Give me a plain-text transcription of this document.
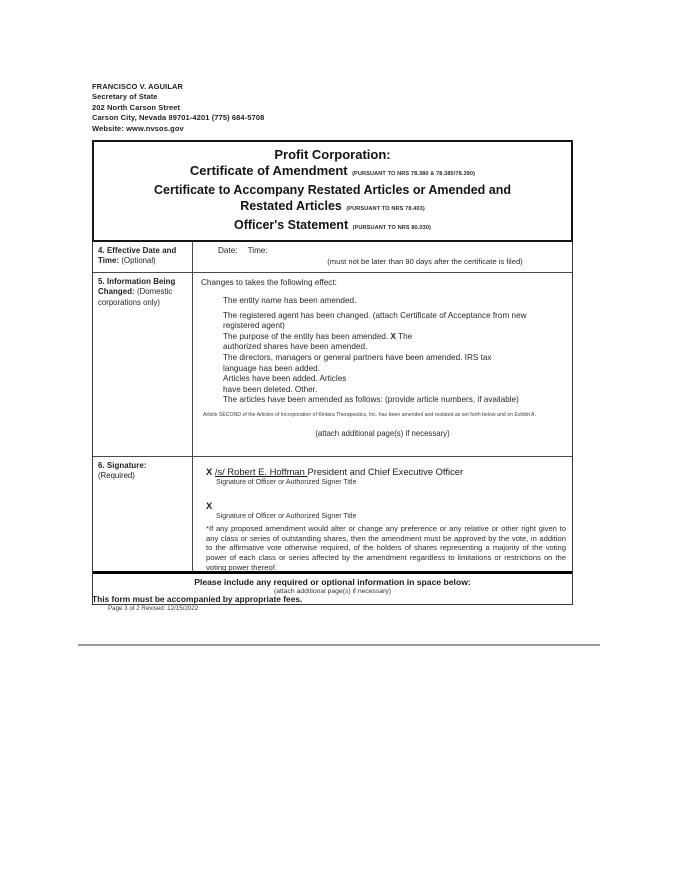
FRANCISCO V. AGUILAR
Secretary of State
202 North Carson Street
Carson City, Nevada 89701-4201 (775) 684-5708
Website: www.nvsos.gov
Profit Corporation:
Certificate of Amendment (PURSUANT TO NRS 78.380 & 78.385/78.390)
Certificate to Accompany Restated Articles or Amended and
Restated Articles (PURSUANT TO NRS 78.403)
Officer's Statement (PURSUANT TO NRS 80.030)
4. Effective Date and Time: (Optional)
Date: Time:
(must not be later than 90 days after the certificate is filed)
5. Information Being Changed: (Domestic corporations only)
Changes to takes the following effect:
The entity name has been amended.
The registered agent has been changed. (attach Certificate of Acceptance from new
registered agent)
The purpose of the entity has been amended. X The
authorized shares have been amended.
The directors, managers or general partners have been amended. IRS tax
language has been added.
Articles have been added. Articles
have been deleted. Other.
The articles have been amended as follows: (provide article numbers, if available)
Article SECOND of the Articles of Incorporation of Kintara Therapeutics, Inc. has been amended and restated as set forth below and on Exhibit A.
(attach additional page(s) if necessary)
6. Signature:
(Required)	X /s/ Robert E. Hoffman President and Chief Executive Officer
Signature of Officer or Authorized Signer Title
X
Signature of Officer or Authorized Signer Title
*If any proposed amendment would alter or change any preference or any relative or other right given to any class or series of outstanding shares, then the amendment must be approved by the vote, in addition to the affirmative vote otherwise required, of the holders of shares representing a majority of the voting power of each class or series affected by the amendment regardless to limitations or restrictions on the voting power thereof.
Please include any required or optional information in space below:
(attach additional page(s) if necessary)
This form must be accompanied by appropriate fees.
Page 3 of 2 Revised: 12/15/2022
